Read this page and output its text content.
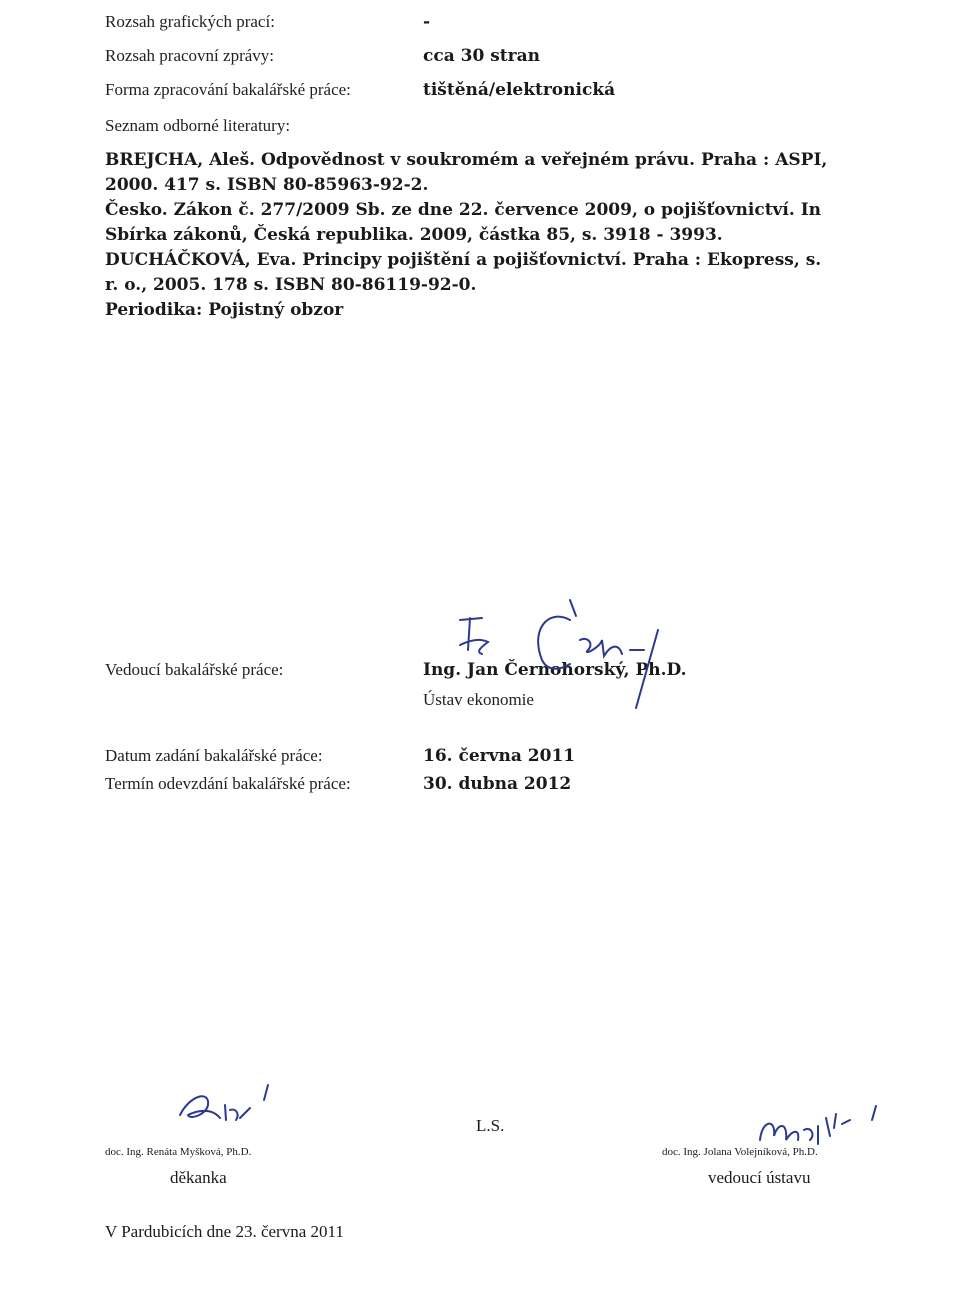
Rozsah grafických prací:	-
Rozsah pracovní zprávy:	cca 30 stran
Forma zpracování bakalářské práce:	tištěná/elektronická
Seznam odborné literatury:
BREJCHA, Aleš. Odpovědnost v soukromém a veřejném právu. Praha : ASPI,
2000. 417 s. ISBN 80-85963-92-2.
Česko. Zákon č. 277/2009 Sb. ze dne 22. července 2009, o pojišťovnictví. In
Sbírka zákonů, Česká republika. 2009, částka 85, s. 3918 - 3993.
DUCHÁČKOVÁ, Eva. Principy pojištění a pojišťovnictví. Praha : Ekopress, s.
r. o., 2005. 178 s. ISBN 80-86119-92-0.
Periodika: Pojistný obzor
Vedoucí bakalářské práce:	Ing. Jan Černohorský, Ph.D.
Ústav ekonomie
Datum zadání bakalářské práce:	16. června 2011
Termín odevzdání bakalářské práce:	30. dubna 2012
doc. Ing. Renáta Myšková, Ph.D.
děkanka
L.S.
doc. Ing. Jolana Volejníková, Ph.D.
vedoucí ústavu
V Pardubicích dne 23. června 2011
